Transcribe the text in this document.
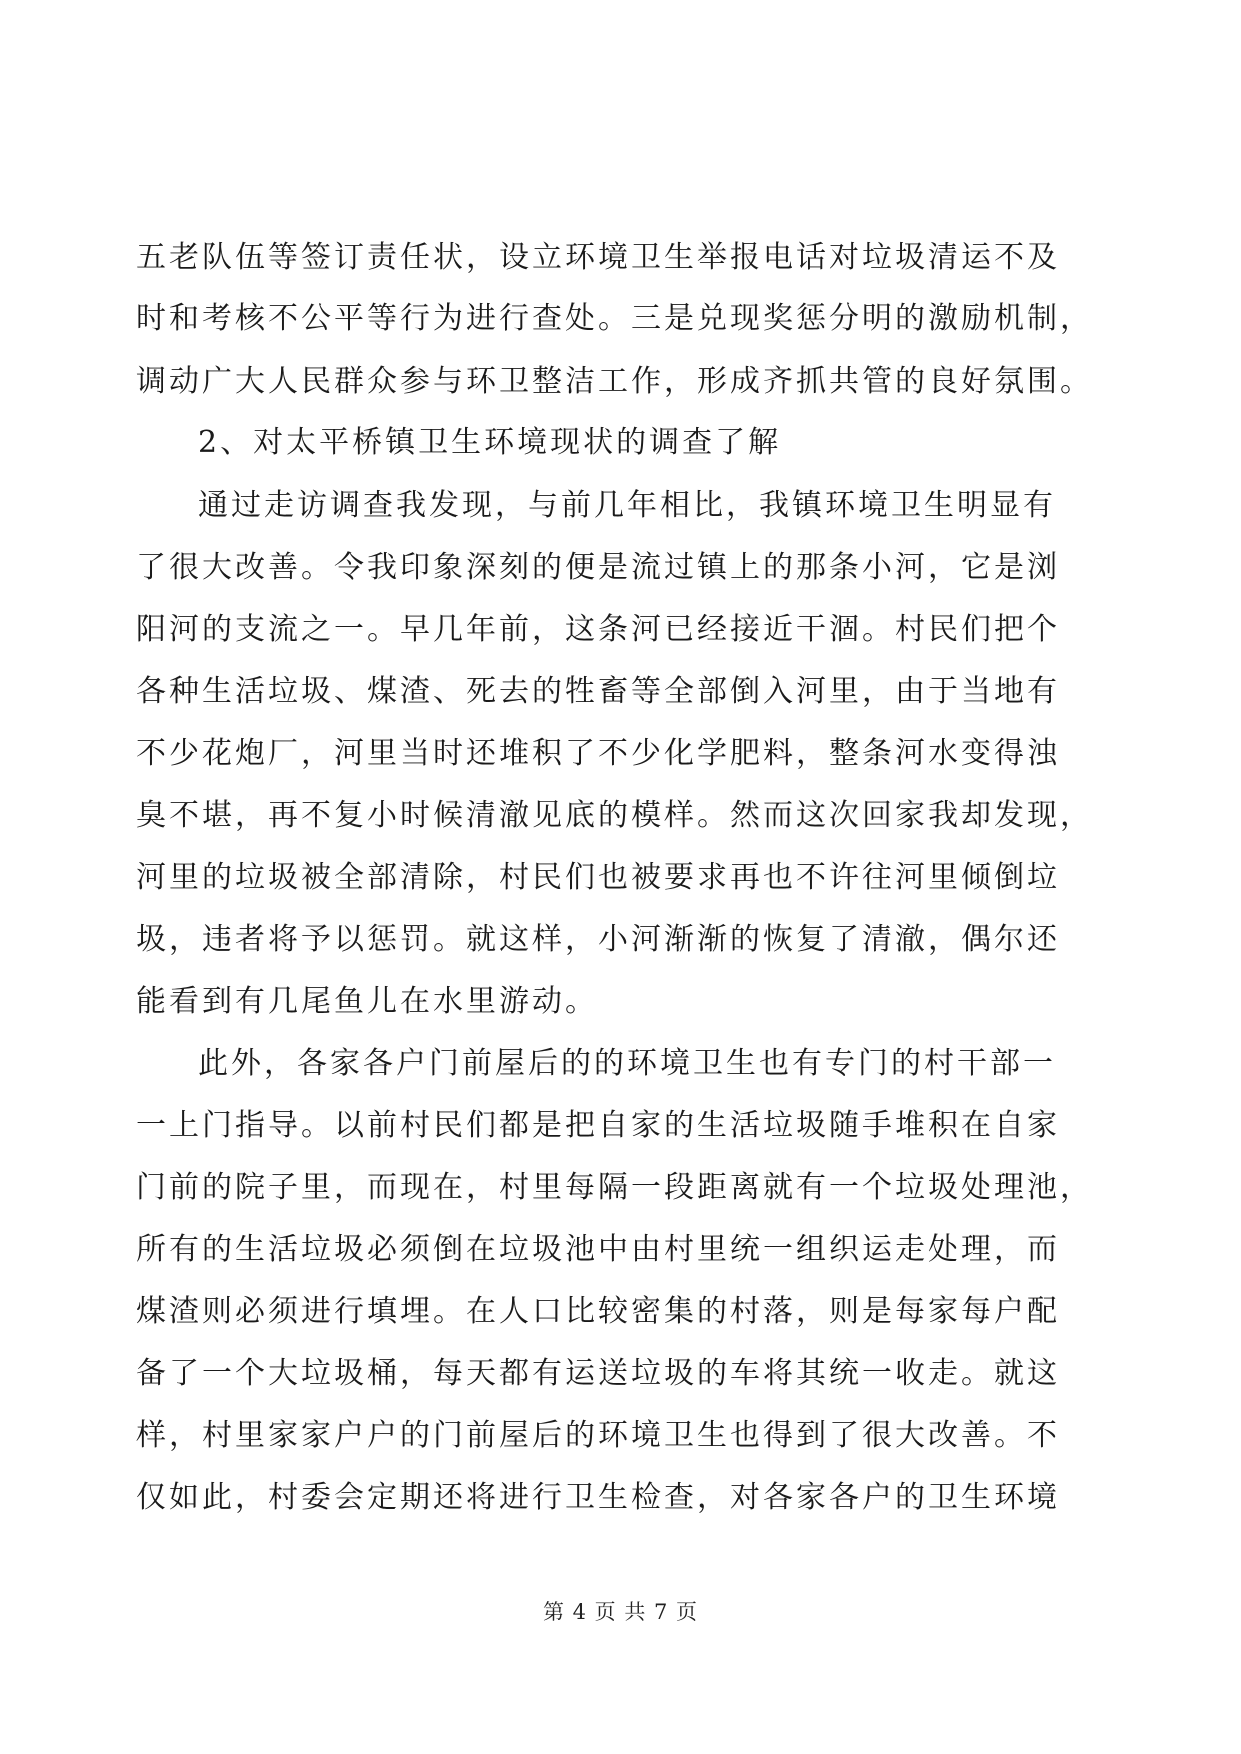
五老队伍等签订责任状，设立环境卫生举报电话对垃圾清运不及
时和考核不公平等行为进行查处。三是兑现奖惩分明的激励机制，
调动广大人民群众参与环卫整洁工作，形成齐抓共管的良好氛围。
2、对太平桥镇卫生环境现状的调查了解
通过走访调查我发现，与前几年相比，我镇环境卫生明显有
了很大改善。令我印象深刻的便是流过镇上的那条小河，它是浏
阳河的支流之一。早几年前，这条河已经接近干涸。村民们把个
各种生活垃圾、煤渣、死去的牲畜等全部倒入河里，由于当地有
不少花炮厂，河里当时还堆积了不少化学肥料，整条河水变得浊
臭不堪，再不复小时候清澈见底的模样。然而这次回家我却发现，
河里的垃圾被全部清除，村民们也被要求再也不许往河里倾倒垃
圾，违者将予以惩罚。就这样，小河渐渐的恢复了清澈，偶尔还
能看到有几尾鱼儿在水里游动。
此外，各家各户门前屋后的的环境卫生也有专门的村干部一
一上门指导。以前村民们都是把自家的生活垃圾随手堆积在自家
门前的院子里，而现在，村里每隔一段距离就有一个垃圾处理池，
所有的生活垃圾必须倒在垃圾池中由村里统一组织运走处理，而
煤渣则必须进行填埋。在人口比较密集的村落，则是每家每户配
备了一个大垃圾桶，每天都有运送垃圾的车将其统一收走。就这
样，村里家家户户的门前屋后的环境卫生也得到了很大改善。不
仅如此，村委会定期还将进行卫生检查，对各家各户的卫生环境
第 4 页 共 7 页
